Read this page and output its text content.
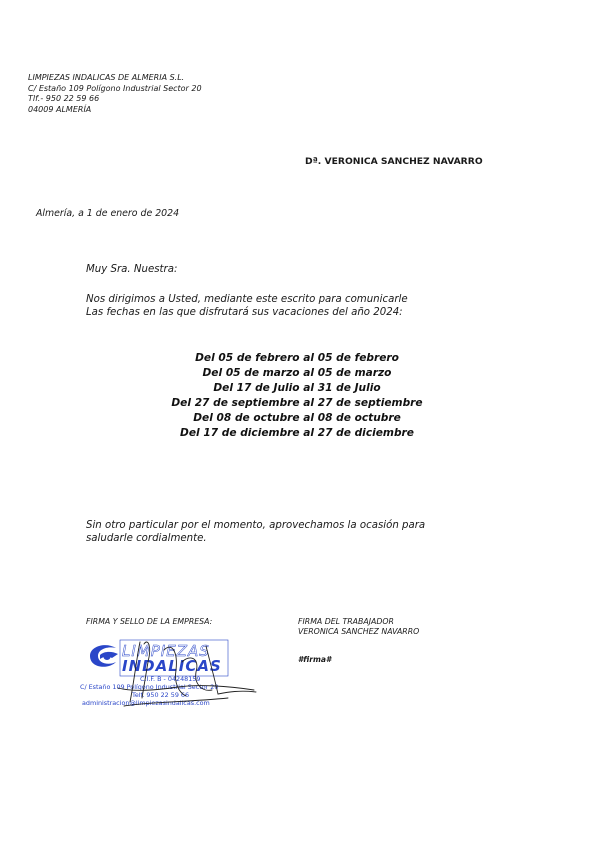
LIMPIEZAS INDALICAS DE ALMERIA S.L.
C/ Estaño 109 Polígono Industrial Sector 20
Tlf.- 950 22 59 66
04009 ALMERÍA
Dª. VERONICA SANCHEZ NAVARRO
Almería, a 1 de enero de 2024
Muy Sra. Nuestra:
Nos dirigimos a Usted, mediante este escrito para comunicarle
Las fechas en las que disfrutará sus vacaciones del año 2024:
Del 05 de febrero al 05 de febrero
Del 05 de marzo al 05 de marzo
Del 17 de Julio al 31 de Julio
Del 27 de septiembre al 27 de septiembre
Del 08 de octubre al 08 de octubre
Del 17 de diciembre al 27 de diciembre
Sin otro particular por el momento, aprovechamos la ocasión para
saludarle cordialmente.
FIRMA Y SELLO DE LA EMPRESA:	FIRMA DEL TRABAJADOR
VERONICA SANCHEZ NAVARRO
#firma#
LIMPIEZAS
INDALICAS
C.I.F. B - 04248159
C/ Estaño 109 Polígono Industrial Sector 20
Telf. 950 22 59 66
administracion@limpiezasindalicas.com
